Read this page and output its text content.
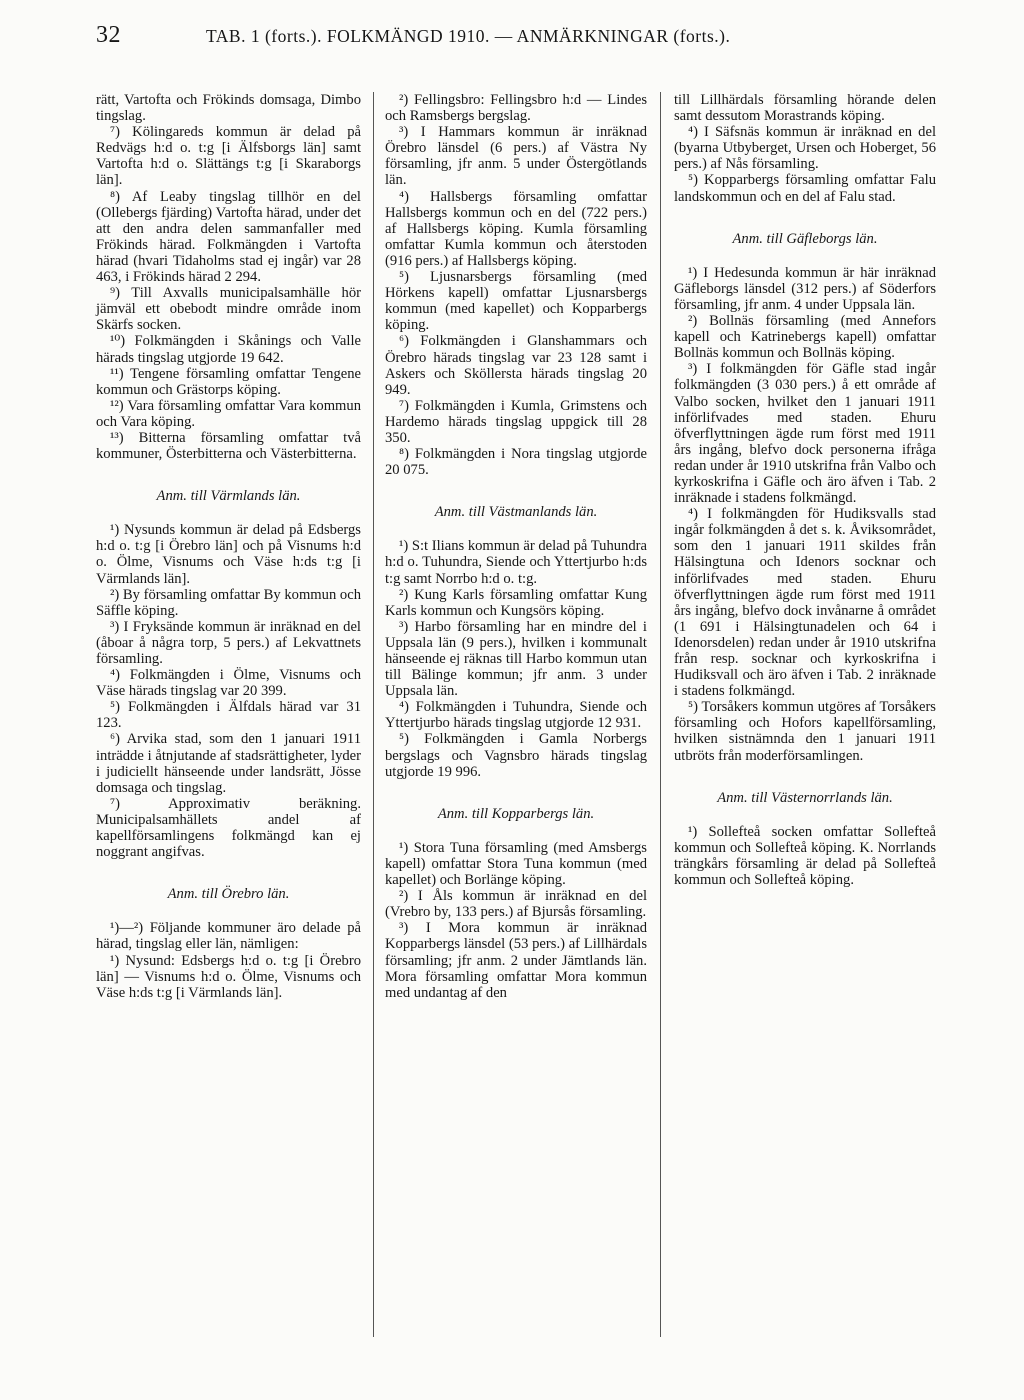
32	TAB. 1 (forts.). FOLKMÄNGD 1910. — ANMÄRKNINGAR (forts.).

rätt, Vartofta och Frökinds domsaga, Dimbo tingslag.

⁷) Kölingareds kommun är delad på Redvägs h:d o. t:g [i Älfsborgs län] samt Vartofta h:d o. Slättängs t:g [i Skaraborgs län].

⁸) Af Leaby tingslag tillhör en del (Ollebergs fjärding) Vartofta härad, under det att den andra delen sammanfaller med Frökinds härad. Folkmängden i Vartofta härad (hvari Tidaholms stad ej ingår) var 28 463, i Frökinds härad 2 294.

⁹) Till Axvalls municipalsamhälle hör jämväl ett obebodt mindre område inom Skärfs socken.

¹⁰) Folkmängden i Skånings och Valle härads tingslag utgjorde 19 642.

¹¹) Tengene församling omfattar Tengene kommun och Grästorps köping.

¹²) Vara församling omfattar Vara kommun och Vara köping.

¹³) Bitterna församling omfattar två kommuner, Österbitterna och Västerbitterna.

Anm. till Värmlands län.

¹) Nysunds kommun är delad på Edsbergs h:d o. t:g [i Örebro län] och på Visnums h:d o. Ölme, Visnums och Väse h:ds t:g [i Värmlands län].

²) By församling omfattar By kommun och Säffle köping.

³) I Fryksände kommun är inräknad en del (åboar å några torp, 5 pers.) af Lekvattnets församling.

⁴) Folkmängden i Ölme, Visnums och Väse härads tingslag var 20 399.

⁵) Folkmängden i Älfdals härad var 31 123.

⁶) Arvika stad, som den 1 januari 1911 inträdde i åtnjutande af stadsrättigheter, lyder i judiciellt hänseende under landsrätt, Jösse domsaga och tingslag.

⁷) Approximativ beräkning. Municipalsamhällets andel af kapellförsamlingens folkmängd kan ej noggrant angifvas.

Anm. till Örebro län.

¹)—²) Följande kommuner äro delade på härad, tingslag eller län, nämligen:

¹) Nysund: Edsbergs h:d o. t:g [i Örebro län] — Visnums h:d o. Ölme, Visnums och Väse h:ds t:g [i Värmlands län].

²) Fellingsbro: Fellingsbro h:d — Lindes och Ramsbergs bergslag.

³) I Hammars kommun är inräknad Örebro länsdel (6 pers.) af Västra Ny församling, jfr anm. 5 under Östergötlands län.

⁴) Hallsbergs församling omfattar Hallsbergs kommun och en del (722 pers.) af Hallsbergs köping. Kumla församling omfattar Kumla kommun och återstoden (916 pers.) af Hallsbergs köping.

⁵) Ljusnarsbergs församling (med Hörkens kapell) omfattar Ljusnarsbergs kommun (med kapellet) och Kopparbergs köping.

⁶) Folkmängden i Glanshammars och Örebro härads tingslag var 23 128 samt i Askers och Sköllersta härads tingslag 20 949.

⁷) Folkmängden i Kumla, Grimstens och Hardemo härads tingslag uppgick till 28 350.

⁸) Folkmängden i Nora tingslag utgjorde 20 075.

Anm. till Västmanlands län.

¹) S:t Ilians kommun är delad på Tuhundra h:d o. Tuhundra, Siende och Yttertjurbo h:ds t:g samt Norrbo h:d o. t:g.

²) Kung Karls församling omfattar Kung Karls kommun och Kungsörs köping.

³) Harbo församling har en mindre del i Uppsala län (9 pers.), hvilken i kommunalt hänseende ej räknas till Harbo kommun utan till Bälinge kommun; jfr anm. 3 under Uppsala län.

⁴) Folkmängden i Tuhundra, Siende och Yttertjurbo härads tingslag utgjorde 12 931.

⁵) Folkmängden i Gamla Norbergs bergslags och Vagnsbro härads tingslag utgjorde 19 996.

Anm. till Kopparbergs län.

¹) Stora Tuna församling (med Amsbergs kapell) omfattar Stora Tuna kommun (med kapellet) och Borlänge köping.

²) I Åls kommun är inräknad en del (Vrebro by, 133 pers.) af Bjursås församling.

³) I Mora kommun är inräknad Kopparbergs länsdel (53 pers.) af Lillhärdals församling; jfr anm. 2 under Jämtlands län. Mora församling omfattar Mora kommun med undantag af den

till Lillhärdals församling hörande delen samt dessutom Morastrands köping.

⁴) I Säfsnäs kommun är inräknad en del (byarna Utbyberget, Ursen och Hoberget, 56 pers.) af Nås församling.

⁵) Kopparbergs församling omfattar Falu landskommun och en del af Falu stad.

Anm. till Gäfleborgs län.

¹) I Hedesunda kommun är här inräknad Gäfleborgs länsdel (312 pers.) af Söderfors församling, jfr anm. 4 under Uppsala län.

²) Bollnäs församling (med Annefors kapell och Katrinebergs kapell) omfattar Bollnäs kommun och Bollnäs köping.

³) I folkmängden för Gäfle stad ingår folkmängden (3 030 pers.) å ett område af Valbo socken, hvilket den 1 januari 1911 införlifvades med staden. Ehuru öfverflyttningen ägde rum först med 1911 års ingång, blefvo dock personerna ifråga redan under år 1910 utskrifna från Valbo och kyrkoskrifna i Gäfle och äro äfven i Tab. 2 inräknade i stadens folkmängd.

⁴) I folkmängden för Hudiksvalls stad ingår folkmängden å det s. k. Åviksområdet, som den 1 januari 1911 skildes från Hälsingtuna och Idenors socknar och införlifvades med staden. Ehuru öfverflyttningen ägde rum först med 1911 års ingång, blefvo dock invånarne å området (1 691 i Hälsingtunadelen och 64 i Idenorsdelen) redan under år 1910 utskrifna från resp. socknar och kyrkoskrifna i Hudiksvall och äro äfven i Tab. 2 inräknade i stadens folkmängd.

⁵) Torsåkers kommun utgöres af Torsåkers församling och Hofors kapellförsamling, hvilken sistnämnda den 1 januari 1911 utbröts från moderförsamlingen.

Anm. till Västernorrlands län.

¹) Sollefteå socken omfattar Sollefteå kommun och Sollefteå köping. K. Norrlands trängkårs församling är delad på Sollefteå kommun och Sollefteå köping.
